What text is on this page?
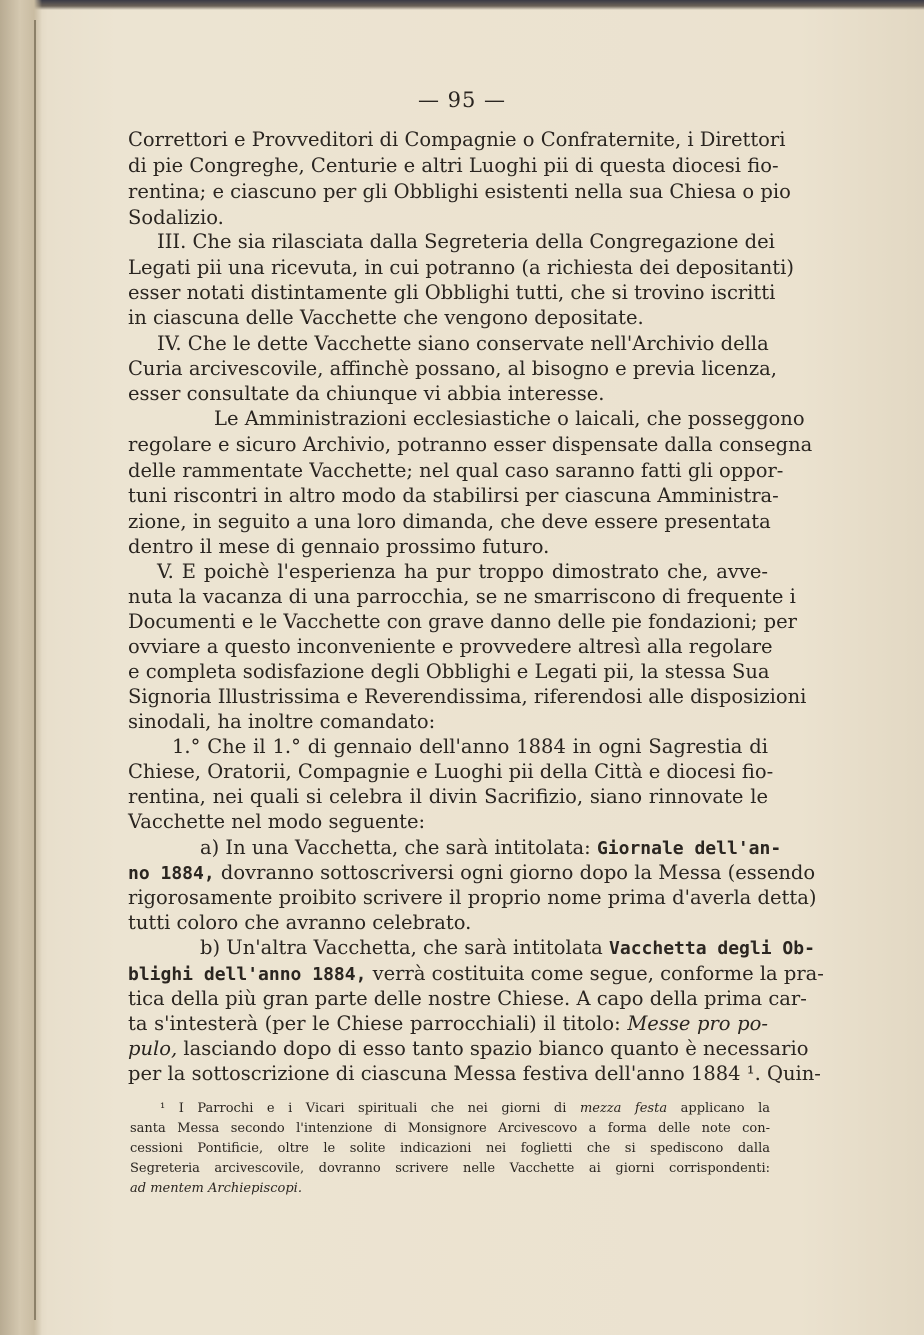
— 95 —
Correttori e Provveditori di Compagnie o Confraternite, i Direttori
di pie Congreghe, Centurie e altri Luoghi pii di questa diocesi fio-
rentina; e ciascuno per gli Obblighi esistenti nella sua Chiesa o pio
Sodalizio.
III. Che sia rilasciata dalla Segreteria della Congregazione dei
Legati pii una ricevuta, in cui potranno (a richiesta dei depositanti)
esser notati distintamente gli Obblighi tutti, che si trovino iscritti
in ciascuna delle Vacchette che vengono depositate.
IV. Che le dette Vacchette siano conservate nell'Archivio della
Curia arcivescovile, affinchè possano, al bisogno e previa licenza,
esser consultate da chiunque vi abbia interesse.
Le Amministrazioni ecclesiastiche o laicali, che posseggono
regolare e sicuro Archivio, potranno esser dispensate dalla consegna
delle rammentate Vacchette; nel qual caso saranno fatti gli oppor-
tuni riscontri in altro modo da stabilirsi per ciascuna Amministra-
zione, in seguito a una loro dimanda, che deve essere presentata
dentro il mese di gennaio prossimo futuro.
V. E poichè l'esperienza ha pur troppo dimostrato che, avve-
nuta la vacanza di una parrocchia, se ne smarriscono di frequente i
Documenti e le Vacchette con grave danno delle pie fondazioni; per
ovviare a questo inconveniente e provvedere altresì alla regolare
e completa sodisfazione degli Obblighi e Legati pii, la stessa Sua
Signoria Illustrissima e Reverendissima, riferendosi alle disposizioni
sinodali, ha inoltre comandato:
1.° Che il 1.° di gennaio dell'anno 1884 in ogni Sagrestia di
Chiese, Oratorii, Compagnie e Luoghi pii della Città e diocesi fio-
rentina, nei quali si celebra il divin Sacrifizio, siano rinnovate le
Vacchette nel modo seguente:
a) In una Vacchetta, che sarà intitolata: Giornale dell'an-
no 1884, dovranno sottoscriversi ogni giorno dopo la Messa (essendo
rigorosamente proibito scrivere il proprio nome prima d'averla detta)
tutti coloro che avranno celebrato.
b) Un'altra Vacchetta, che sarà intitolata Vacchetta degli Ob-
blighi dell'anno 1884, verrà costituita come segue, conforme la pra-
tica della più gran parte delle nostre Chiese. A capo della prima car-
ta s'intesterà (per le Chiese parrocchiali) il titolo: Messe pro po-
pulo, lasciando dopo di esso tanto spazio bianco quanto è necessario
per la sottoscrizione di ciascuna Messa festiva dell'anno 1884 ¹. Quin-
¹ I Parrochi e i Vicari spirituali che nei giorni di mezza festa applicano la
santa Messa secondo l'intenzione di Monsignore Arcivescovo a forma delle note con-
cessioni Pontificie, oltre le solite indicazioni nei foglietti che si spediscono dalla
Segreteria arcivescovile, dovranno scrivere nelle Vacchette ai giorni corrispondenti:
ad mentem Archiepiscopi.
